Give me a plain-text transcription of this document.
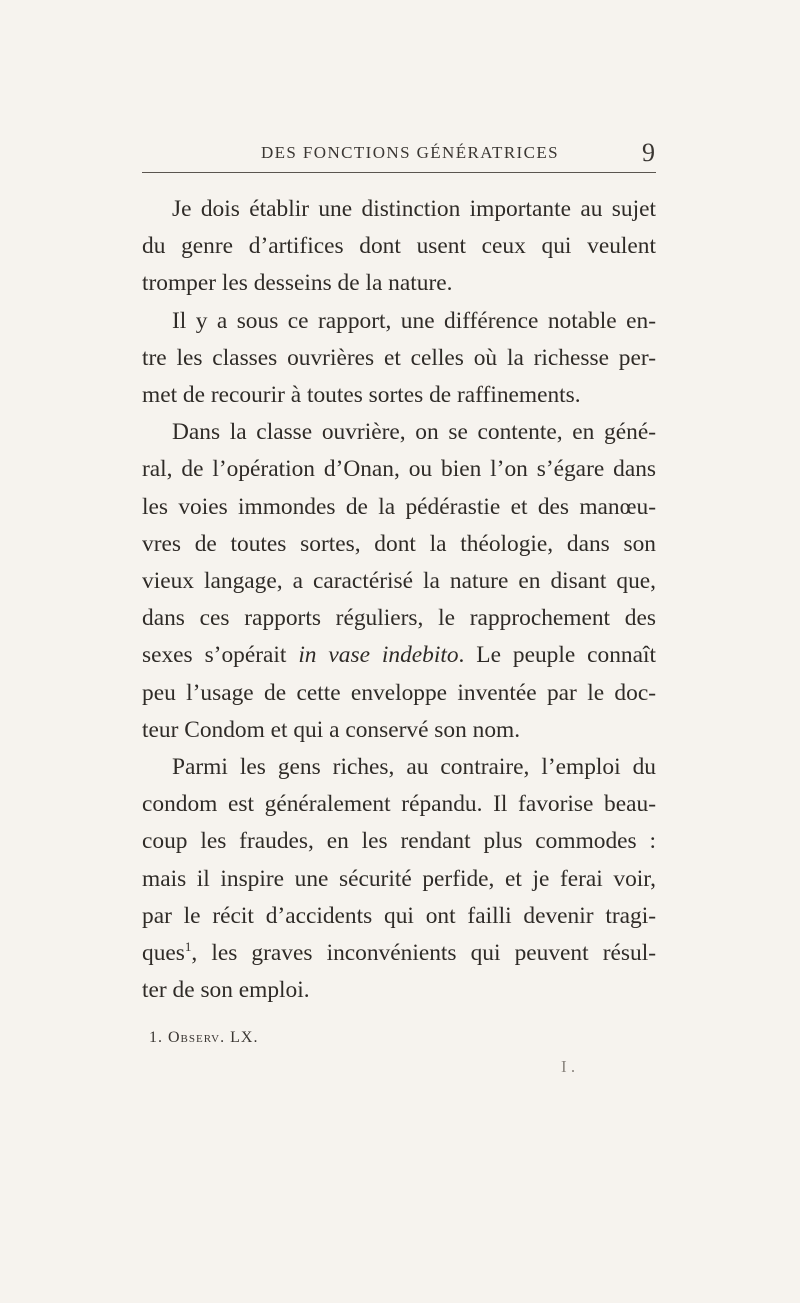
DES FONCTIONS GÉNÉRATRICES	9
Je dois établir une distinction importante au sujet
du genre d’artifices dont usent ceux qui veulent
tromper les desseins de la nature.
Il y a sous ce rapport, une différence notable en-
tre les classes ouvrières et celles où la richesse per-
met de recourir à toutes sortes de raffinements.
Dans la classe ouvrière, on se contente, en géné-
ral, de l’opération d’Onan, ou bien l’on s’égare dans
les voies immondes de la pédérastie et des manœu-
vres de toutes sortes, dont la théologie, dans son
vieux langage, a caractérisé la nature en disant que,
dans ces rapports réguliers, le rapprochement des
sexes s’opérait in vase indebito. Le peuple connaît
peu l’usage de cette enveloppe inventée par le doc-
teur Condom et qui a conservé son nom.
Parmi les gens riches, au contraire, l’emploi du
condom est généralement répandu. Il favorise beau-
coup les fraudes, en les rendant plus commodes :
mais il inspire une sécurité perfide, et je ferai voir,
par le récit d’accidents qui ont failli devenir tragi-
ques$^1$, les graves inconvénients qui peuvent résul-
ter de son emploi.
1. Observ. LX.
I .
